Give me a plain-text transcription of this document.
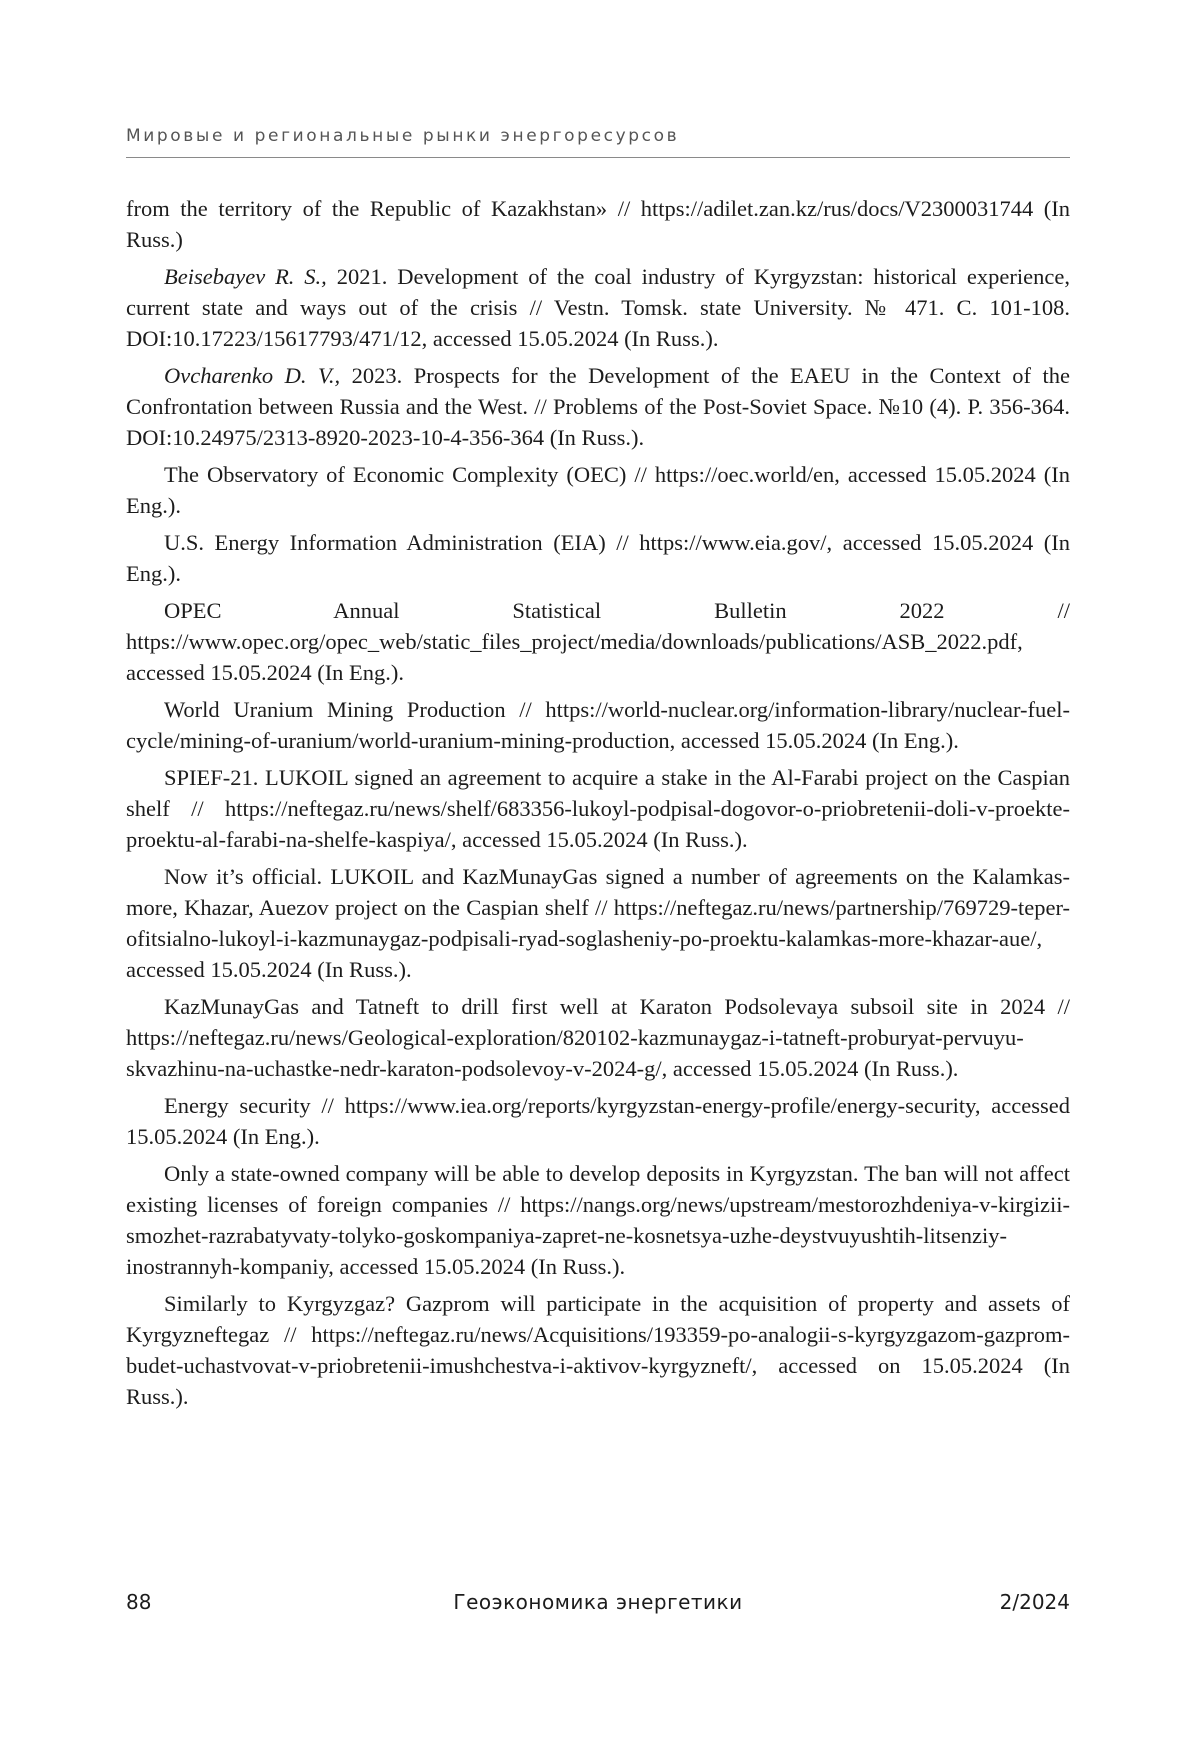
Мировые и региональные рынки энергоресурсов

from the territory of the Republic of Kazakhstan» // https://adilet.zan.kz/rus/docs/V2300031744 (In Russ.)

Beisebayev R. S., 2021. Development of the coal industry of Kyrgyzstan: historical experience, current state and ways out of the crisis // Vestn. Tomsk. state University. № 471. C. 101-108. DOI:10.17223/15617793/471/12, accessed 15.05.2024 (In Russ.).

Ovcharenko D. V., 2023. Prospects for the Development of the EAEU in the Context of the Confrontation between Russia and the West. // Problems of the Post-Soviet Space. №10 (4). P. 356-364. DOI:10.24975/2313-8920-2023-10-4-356-364 (In Russ.).

The Observatory of Economic Complexity (OEC) // https://oec.world/en, accessed 15.05.2024 (In Eng.).

U.S. Energy Information Administration (EIA) // https://www.eia.gov/, accessed 15.05.2024 (In Eng.).

OPEC Annual Statistical Bulletin 2022 // https://www.opec.org/opec_web/static_files_project/media/downloads/publications/ASB_2022.pdf, accessed 15.05.2024 (In Eng.).

World Uranium Mining Production // https://world-nuclear.org/information-library/nuclear-fuel-cycle/mining-of-uranium/world-uranium-mining-production, accessed 15.05.2024 (In Eng.).

SPIEF-21. LUKOIL signed an agreement to acquire a stake in the Al-Farabi project on the Caspian shelf // https://neftegaz.ru/news/shelf/683356-lukoyl-podpisal-dogovor-o-priobretenii-doli-v-proekte-proektu-al-farabi-na-shelfe-kaspiya/, accessed 15.05.2024 (In Russ.).

Now it’s official. LUKOIL and KazMunayGas signed a number of agreements on the Kalamkas-more, Khazar, Auezov project on the Caspian shelf // https://neftegaz.ru/news/partnership/769729-teper-ofitsialno-lukoyl-i-kazmunaygaz-podpisali-ryad-soglasheniy-po-proektu-kalamkas-more-khazar-aue/, accessed 15.05.2024 (In Russ.).

KazMunayGas and Tatneft to drill first well at Karaton Podsolevaya subsoil site in 2024 // https://neftegaz.ru/news/Geological-exploration/820102-kazmunaygaz-i-tatneft-proburyat-pervuyu-skvazhinu-na-uchastke-nedr-karaton-podsolevoy-v-2024-g/, accessed 15.05.2024 (In Russ.).

Energy security // https://www.iea.org/reports/kyrgyzstan-energy-profile/energy-security, accessed 15.05.2024 (In Eng.).

Only a state-owned company will be able to develop deposits in Kyrgyzstan. The ban will not affect existing licenses of foreign companies // https://nangs.org/news/upstream/mestorozhdeniya-v-kirgizii-smozhet-razrabatyvaty-tolyko-goskompaniya-zapret-ne-kosnetsya-uzhe-deystvuyushtih-litsenziy-inostrannyh-kompaniy, accessed 15.05.2024 (In Russ.).

Similarly to Kyrgyzgaz? Gazprom will participate in the acquisition of property and assets of Kyrgyzneftegaz // https://neftegaz.ru/news/Acquisitions/193359-po-analogii-s-kyrgyzgazom-gazprom-budet-uchastvovat-v-priobretenii-imushchestva-i-aktivov-kyrgyzneft/, accessed on 15.05.2024 (In Russ.).

88	Геоэкономика энергетики	2/2024
